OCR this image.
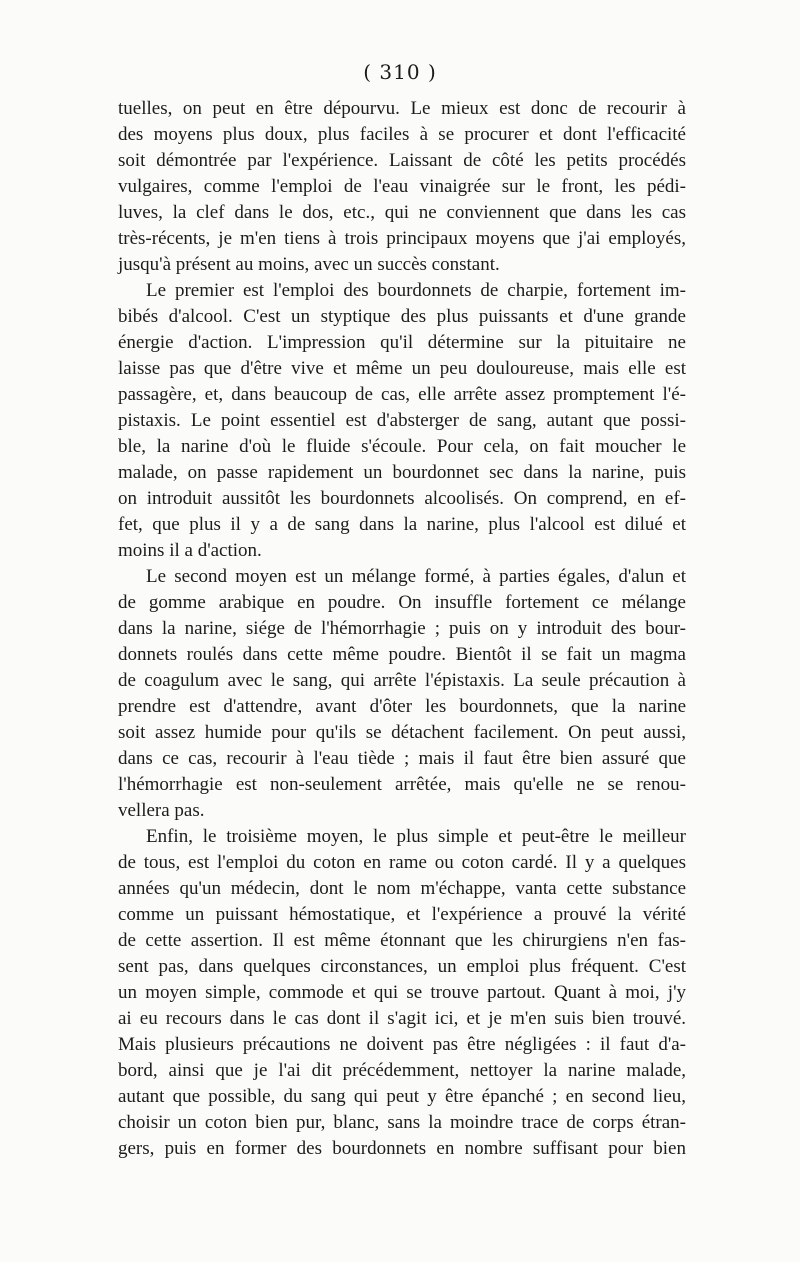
( 310 )

tuelles, on peut en être dépourvu. Le mieux est donc de recourir à

des moyens plus doux, plus faciles à se procurer et dont l'efficacité

soit démontrée par l'expérience. Laissant de côté les petits procédés

vulgaires, comme l'emploi de l'eau vinaigrée sur le front, les pédi-

luves, la clef dans le dos, etc., qui ne conviennent que dans les cas

très-récents, je m'en tiens à trois principaux moyens que j'ai employés,

jusqu'à présent au moins, avec un succès constant.

Le premier est l'emploi des bourdonnets de charpie, fortement im-

bibés d'alcool. C'est un styptique des plus puissants et d'une grande

énergie d'action. L'impression qu'il détermine sur la pituitaire ne

laisse pas que d'être vive et même un peu douloureuse, mais elle est

passagère, et, dans beaucoup de cas, elle arrête assez promptement l'é-

pistaxis. Le point essentiel est d'absterger de sang, autant que possi-

ble, la narine d'où le fluide s'écoule. Pour cela, on fait moucher le

malade, on passe rapidement un bourdonnet sec dans la narine, puis

on introduit aussitôt les bourdonnets alcoolisés. On comprend, en ef-

fet, que plus il y a de sang dans la narine, plus l'alcool est dilué et

moins il a d'action.

Le second moyen est un mélange formé, à parties égales, d'alun et

de gomme arabique en poudre. On insuffle fortement ce mélange

dans la narine, siége de l'hémorrhagie ; puis on y introduit des bour-

donnets roulés dans cette même poudre. Bientôt il se fait un magma

de coagulum avec le sang, qui arrête l'épistaxis. La seule précaution à

prendre est d'attendre, avant d'ôter les bourdonnets, que la narine

soit assez humide pour qu'ils se détachent facilement. On peut aussi,

dans ce cas, recourir à l'eau tiède ; mais il faut être bien assuré que

l'hémorrhagie est non-seulement arrêtée, mais qu'elle ne se renou-

vellera pas.

Enfin, le troisième moyen, le plus simple et peut-être le meilleur

de tous, est l'emploi du coton en rame ou coton cardé. Il y a quelques

années qu'un médecin, dont le nom m'échappe, vanta cette substance

comme un puissant hémostatique, et l'expérience a prouvé la vérité

de cette assertion. Il est même étonnant que les chirurgiens n'en fas-

sent pas, dans quelques circonstances, un emploi plus fréquent. C'est

un moyen simple, commode et qui se trouve partout. Quant à moi, j'y

ai eu recours dans le cas dont il s'agit ici, et je m'en suis bien trouvé.

Mais plusieurs précautions ne doivent pas être négligées : il faut d'a-

bord, ainsi que je l'ai dit précédemment, nettoyer la narine malade,

autant que possible, du sang qui peut y être épanché ; en second lieu,

choisir un coton bien pur, blanc, sans la moindre trace de corps étran-

gers, puis en former des bourdonnets en nombre suffisant pour bien
